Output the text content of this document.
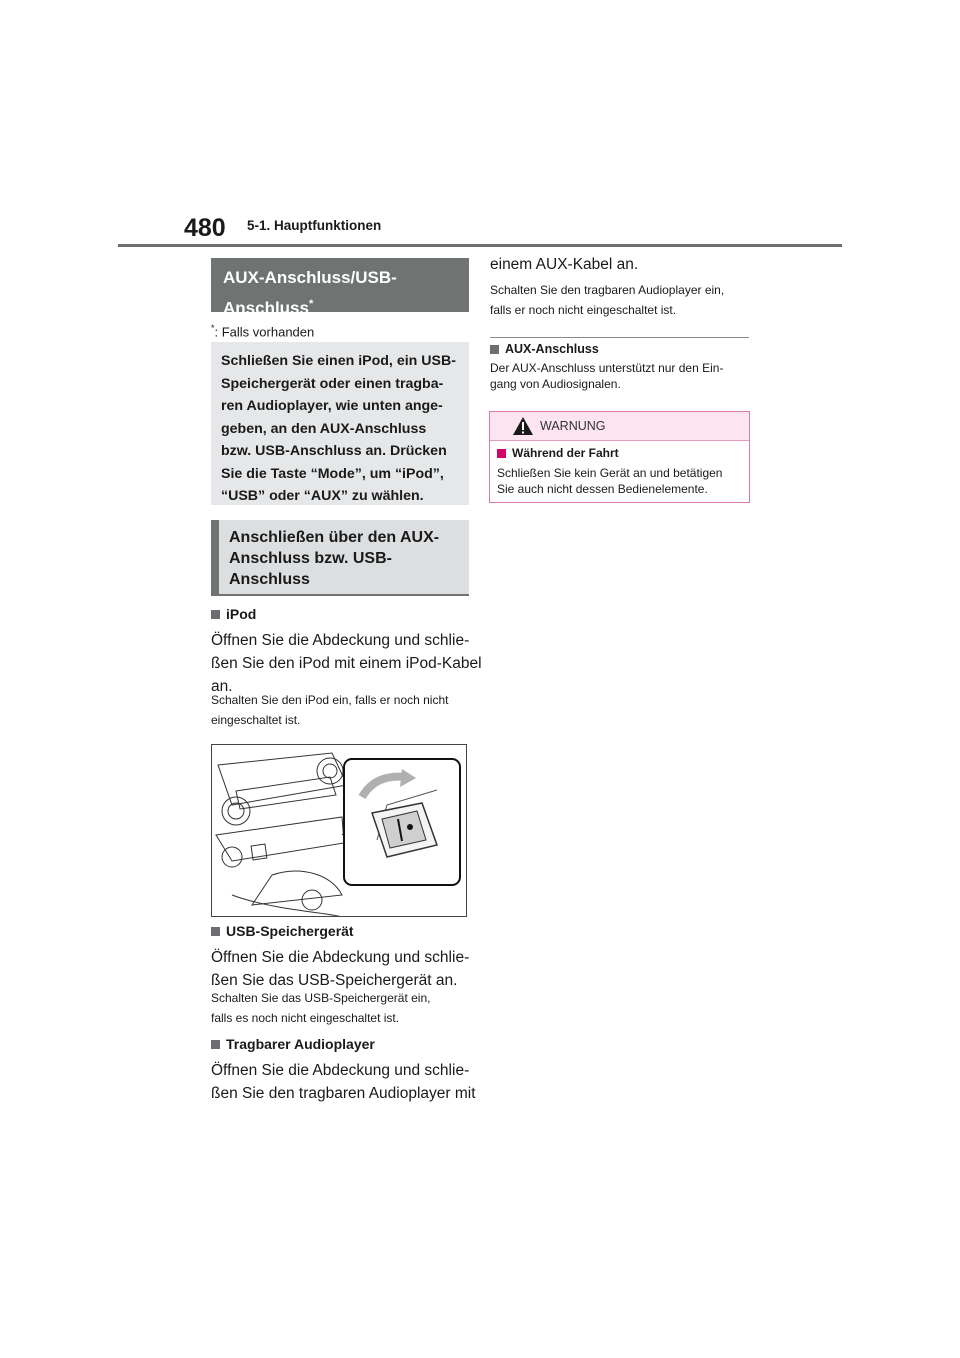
480 5-1. Hauptfunktionen
AUX-Anschluss/USB-
Anschluss*
*: Falls vorhanden
Schließen Sie einen iPod, ein USB-
Speichergerät oder einen tragba-
ren Audioplayer, wie unten ange-
geben, an den AUX-Anschluss
bzw. USB-Anschluss an. Drücken
Sie die Taste “Mode”, um “iPod”,
“USB” oder “AUX” zu wählen.
Anschließen über den AUX-
Anschluss bzw. USB-
Anschluss
iPod
Öffnen Sie die Abdeckung und schlie-
ßen Sie den iPod mit einem iPod-Kabel
an.
Schalten Sie den iPod ein, falls er noch nicht
eingeschaltet ist.
USB-Speichergerät
Öffnen Sie die Abdeckung und schlie-
ßen Sie das USB-Speichergerät an.
Schalten Sie das USB-Speichergerät ein,
falls es noch nicht eingeschaltet ist.
Tragbarer Audioplayer
Öffnen Sie die Abdeckung und schlie-
ßen Sie den tragbaren Audioplayer mit
einem AUX-Kabel an.
Schalten Sie den tragbaren Audioplayer ein,
falls er noch nicht eingeschaltet ist.
AUX-Anschluss
Der AUX-Anschluss unterstützt nur den Ein-
gang von Audiosignalen.
WARNUNG
Während der Fahrt
Schließen Sie kein Gerät an und betätigen
Sie auch nicht dessen Bedienelemente.
